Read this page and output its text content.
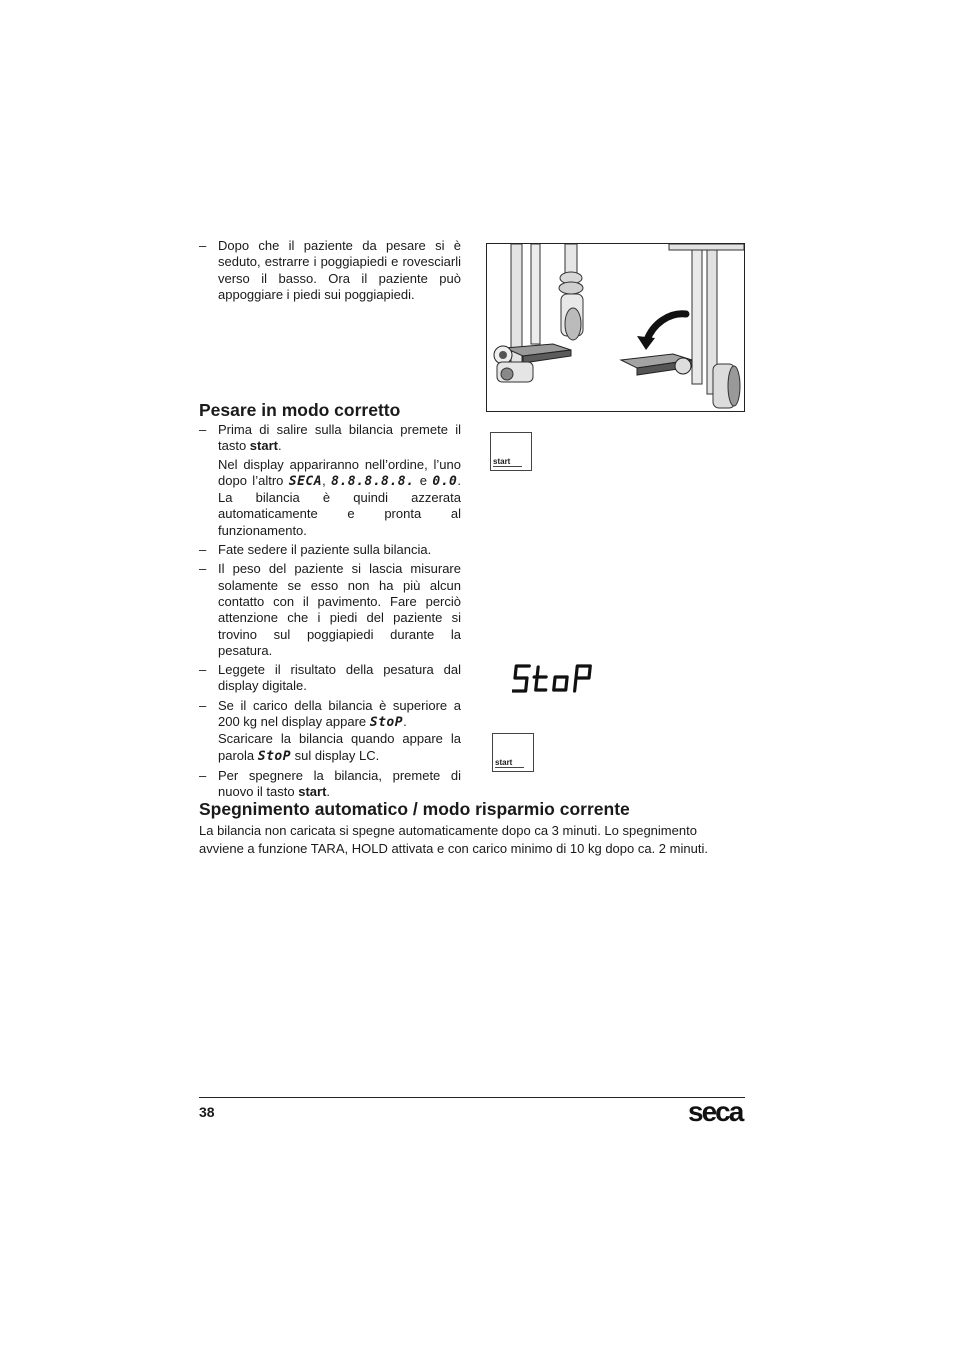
– Dopo che il paziente da pesare si è seduto, estrarre i poggiapiedi e rovesciarli verso il basso. Ora il paziente può appoggiare i piedi sui poggiapiedi.

Pesare in modo corretto
– Prima di salire sulla bilancia premete il tasto start.

Nel display appariranno nell’ordine, l’uno dopo l’altro SECA, 8.8.8.8.8. e 0.0. La bilancia è quindi azzerata automaticamente e pronta al funzionamento.

– Fate sedere il paziente sulla bilancia.

– Il peso del paziente si lascia misurare solamente se esso non ha più alcun contatto con il pavimento. Fare perciò attenzione che i piedi del paziente si trovino sul poggiapiedi durante la pesatura.

– Leggete il risultato della pesatura dal display digitale.

– Se il carico della bilancia è superiore a 200 kg nel display appare StoP.

Scaricare la bilancia quando appare la parola StoP sul display LC.

– Per spegnere la bilancia, premete di nuovo il tasto start.

start
start
StoP
Spegnimento automatico / modo risparmio corrente

La bilancia non caricata si spegne automaticamente dopo ca 3 minuti. Lo spegnimento avviene a funzione TARA, HOLD attivata e con carico minimo di 10 kg dopo ca. 2 minuti.

38	seca
